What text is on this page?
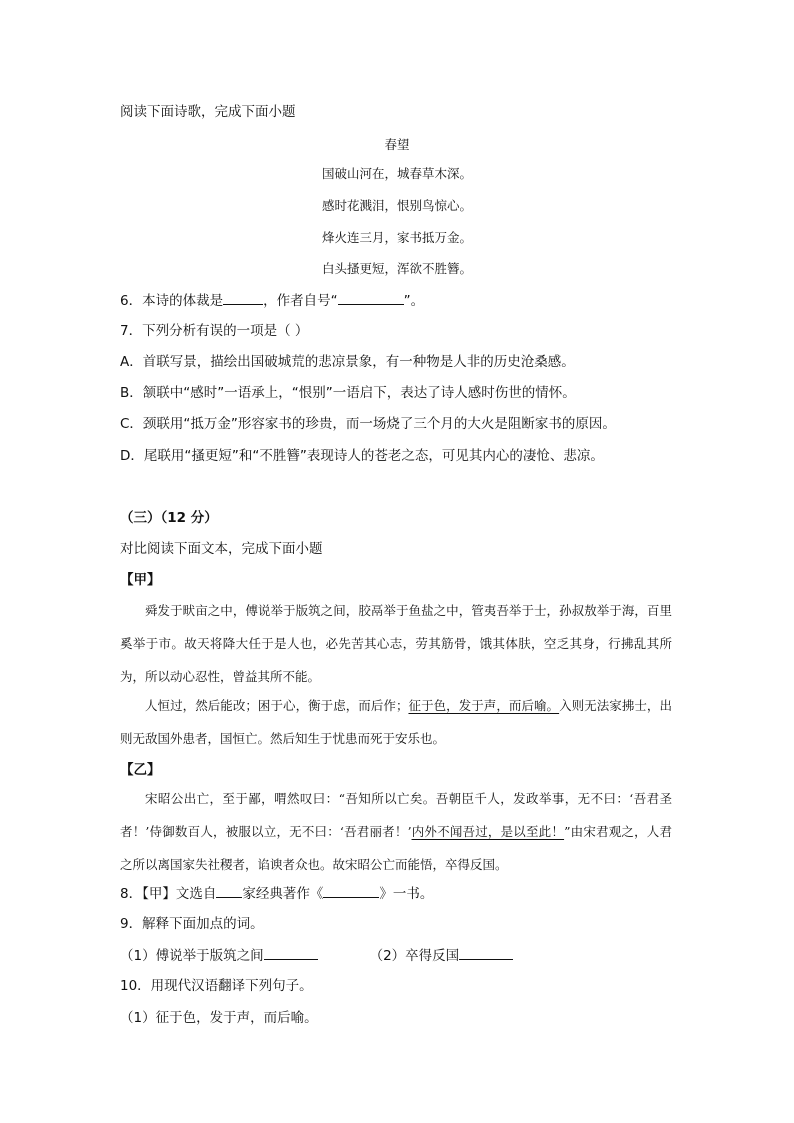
阅读下面诗歌，完成下面小题
春望
国破山河在，城春草木深。
感时花溅泪，恨别鸟惊心。
烽火连三月，家书抵万金。
白头搔更短，浑欲不胜簪。
6．本诗的体裁是	，作者自号“	”。
7．下列分析有误的一项是（ ）
A．首联写景，描绘出国破城荒的悲凉景象，有一种物是人非的历史沧桑感。
B．颔联中“感时”一语承上，“恨别”一语启下，表达了诗人感时伤世的情怀。
C．颈联用“抵万金”形容家书的珍贵，而一场烧了三个月的大火是阻断家书的原因。
D．尾联用“搔更短”和“不胜簪”表现诗人的苍老之态，可见其内心的凄怆、悲凉。
（三）（12 分）
对比阅读下面文本，完成下面小题
【甲】
舜发于畎亩之中，傅说举于版筑之间，胶鬲举于鱼盐之中，管夷吾举于士，孙叔敖举于海，百里奚举于市。故天将降大任于是人也，必先苦其心志，劳其筋骨，饿其体肤，空乏其身，行拂乱其所为，所以动心忍性，曾益其所不能。
人恒过，然后能改；困于心，衡于虑，而后作；征于色，发于声，而后喻。入则无法家拂士，出则无敌国外患者，国恒亡。然后知生于忧患而死于安乐也。
【乙】
宋昭公出亡，至于鄙，喟然叹曰：“吾知所以亡矣。吾朝臣千人，发政举事，无不曰：‘吾君圣者！’侍御数百人，被服以立，无不曰：‘吾君丽者！’内外不闻吾过，是以至此！”由宋君观之，人君之所以离国家失社稷者，谄谀者众也。故宋昭公亡而能悟，卒得反国。
8．【甲】文选自 家经典著作《	》一书。
9．解释下面加点的词。
（1）傅说举于版筑之间	（2）卒得反国
10．用现代汉语翻译下列句子。
（1）征于色，发于声，而后喻。
